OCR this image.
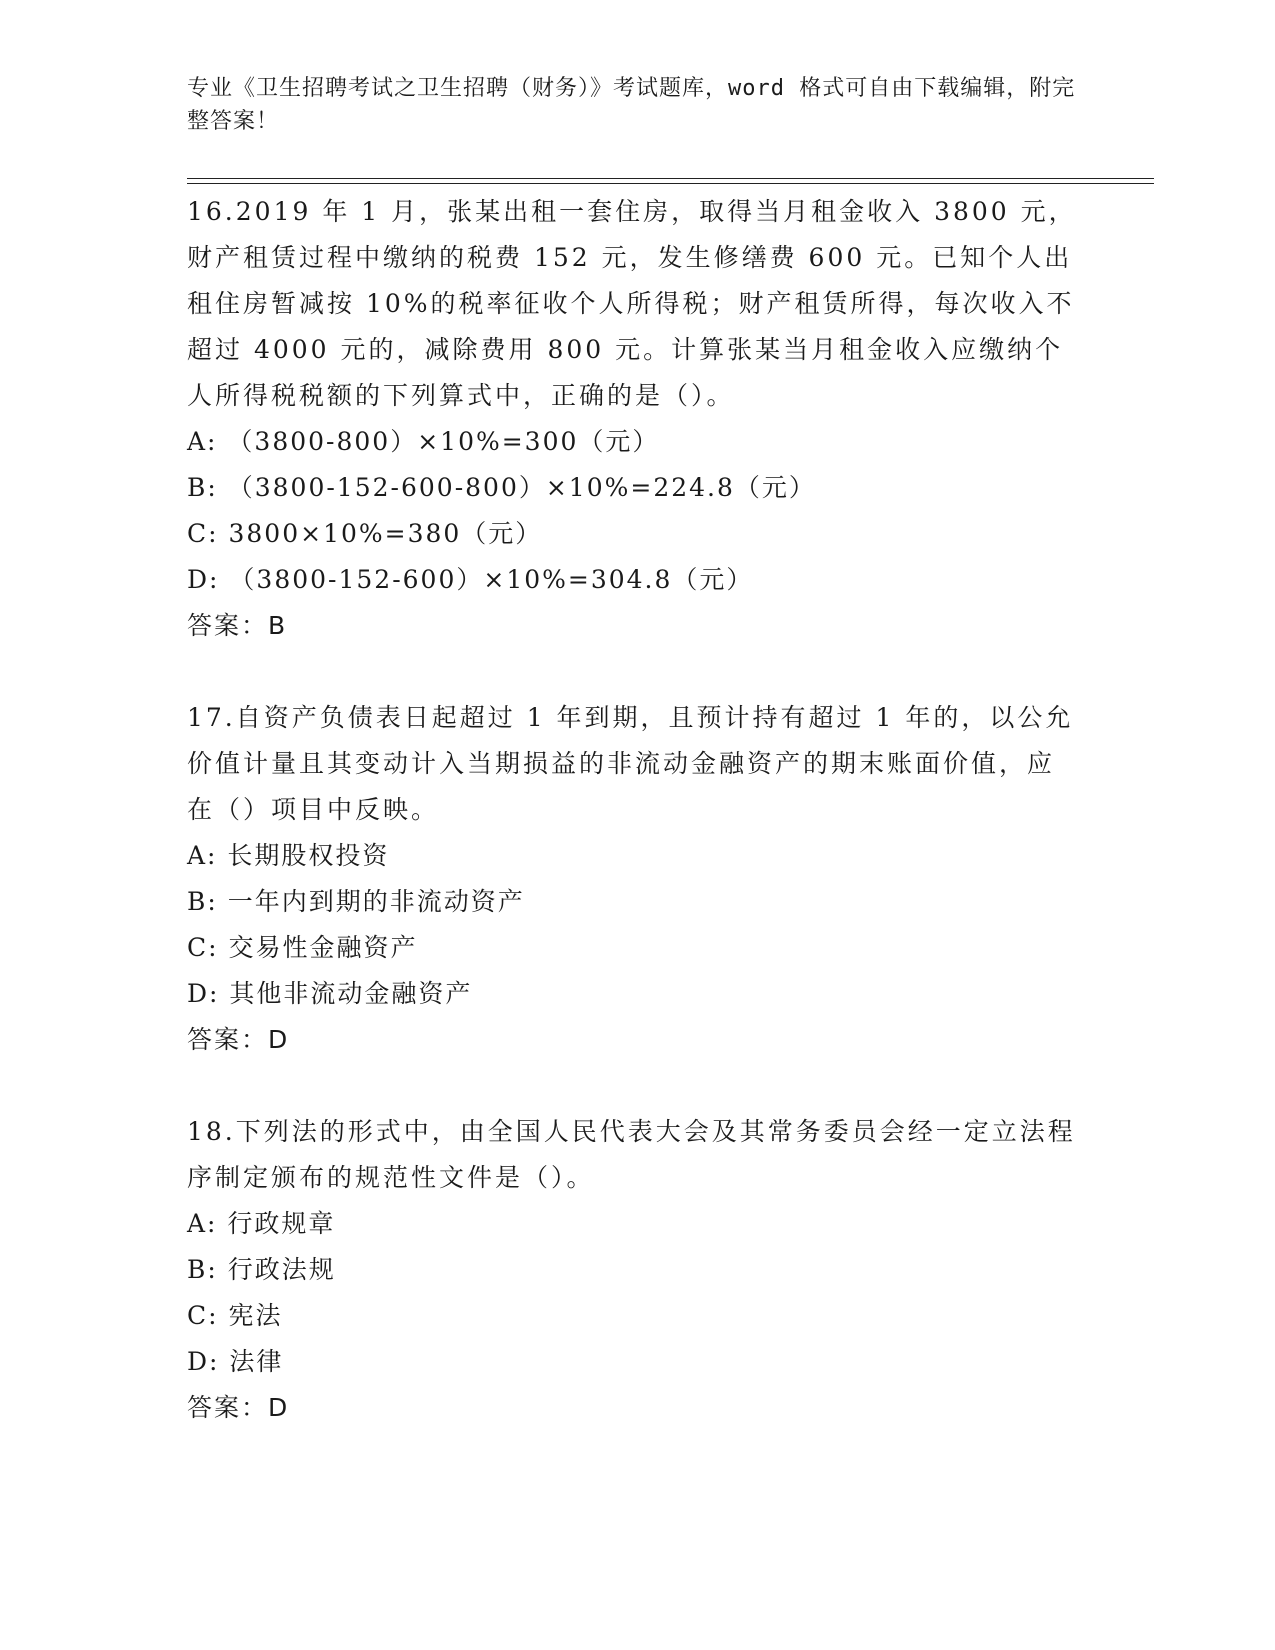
专业《卫生招聘考试之卫生招聘（财务）》考试题库，word 格式可自由下载编辑，附完整答案！

16.2019 年 1 月，张某出租一套住房，取得当月租金收入 3800 元，财产租赁过程中缴纳的税费 152 元，发生修缮费 600 元。已知个人出租住房暂减按 10%的税率征收个人所得税；财产租赁所得，每次收入不超过 4000 元的，减除费用 800 元。计算张某当月租金收入应缴纳个人所得税税额的下列算式中，正确的是（）。

A: （3800-800）×10%=300（元）

B: （3800-152-600-800）×10%=224.8（元）

C: 3800×10%=380（元）

D: （3800-152-600）×10%=304.8（元）

答案：B

17.自资产负债表日起超过 1 年到期，且预计持有超过 1 年的，以公允价值计量且其变动计入当期损益的非流动金融资产的期末账面价值，应在（）项目中反映。

A: 长期股权投资

B: 一年内到期的非流动资产

C: 交易性金融资产

D: 其他非流动金融资产

答案：D

18.下列法的形式中，由全国人民代表大会及其常务委员会经一定立法程序制定颁布的规范性文件是（）。

A: 行政规章

B: 行政法规

C: 宪法

D: 法律

答案：D
